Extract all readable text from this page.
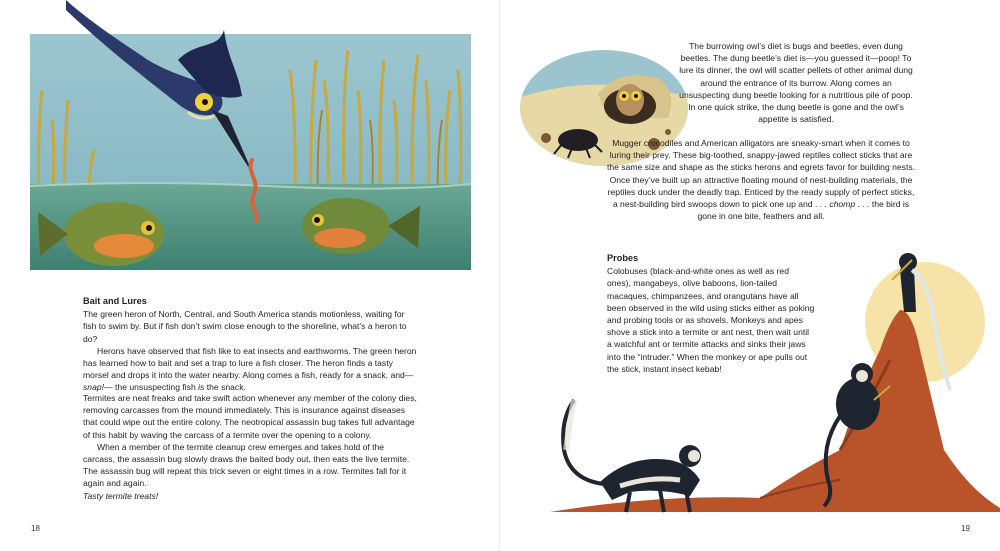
Bait and Lures

The green heron of North, Central, and South America stands motionless, waiting for fish to swim by. But if fish don’t swim close enough to the shoreline, what’s a heron to do?

Herons have observed that fish like to eat insects and earthworms. The green heron has learned how to bait and set a trap to lure a fish closer. The heron finds a tasty morsel and drops it into the water nearby. Along comes a fish, ready for a snack, and—snap!— the unsuspecting fish is the snack.

Termites are neat freaks and take swift action whenever any member of the colony dies, removing carcasses from the mound immediately. This is insurance against diseases that could wipe out the entire colony. The neotropical assassin bug takes full advantage of this habit by waving the carcass of a termite over the opening to a colony.

When a member of the termite cleanup crew emerges and takes hold of the carcass, the assassin bug slowly draws the baited body out, then eats the live termite. The assassin bug will repeat this trick seven or eight times in a row. Termites fall for it again and again.

Tasty termite treats!

18

The burrowing owl’s diet is bugs and beetles, even dung beetles. The dung beetle’s diet is—you guessed it—poop! To lure its dinner, the owl will scatter pellets of other animal dung around the entrance of its burrow. Along comes an unsuspecting dung beetle looking for a nutritious pile of poop. In one quick strike, the dung beetle is gone and the owl’s appetite is satisfied.

Mugger crocodiles and American alligators are sneaky-smart when it comes to luring their prey. These big-toothed, snappy-jawed reptiles collect sticks that are the same size and shape as the sticks herons and egrets favor for building nests. Once they’ve built up an attractive floating mound of nest-building materials, the reptiles duck under the deadly trap. Enticed by the ready supply of perfect sticks, a nest-building bird swoops down to pick one up and . . . chomp . . . the bird is gone in one bite, feathers and all.

Probes

Colobuses (black-and-white ones as well as red ones), mangabeys, olive baboons, lion-tailed macaques, chimpanzees, and orangutans have all been observed in the wild using sticks either as poking and probing tools or as shovels. Monkeys and apes shove a stick into a termite or ant nest, then wait until a watchful ant or termite attacks and sinks their jaws into the “intruder.” When the monkey or ape pulls out the stick, instant insect kebab!

19
